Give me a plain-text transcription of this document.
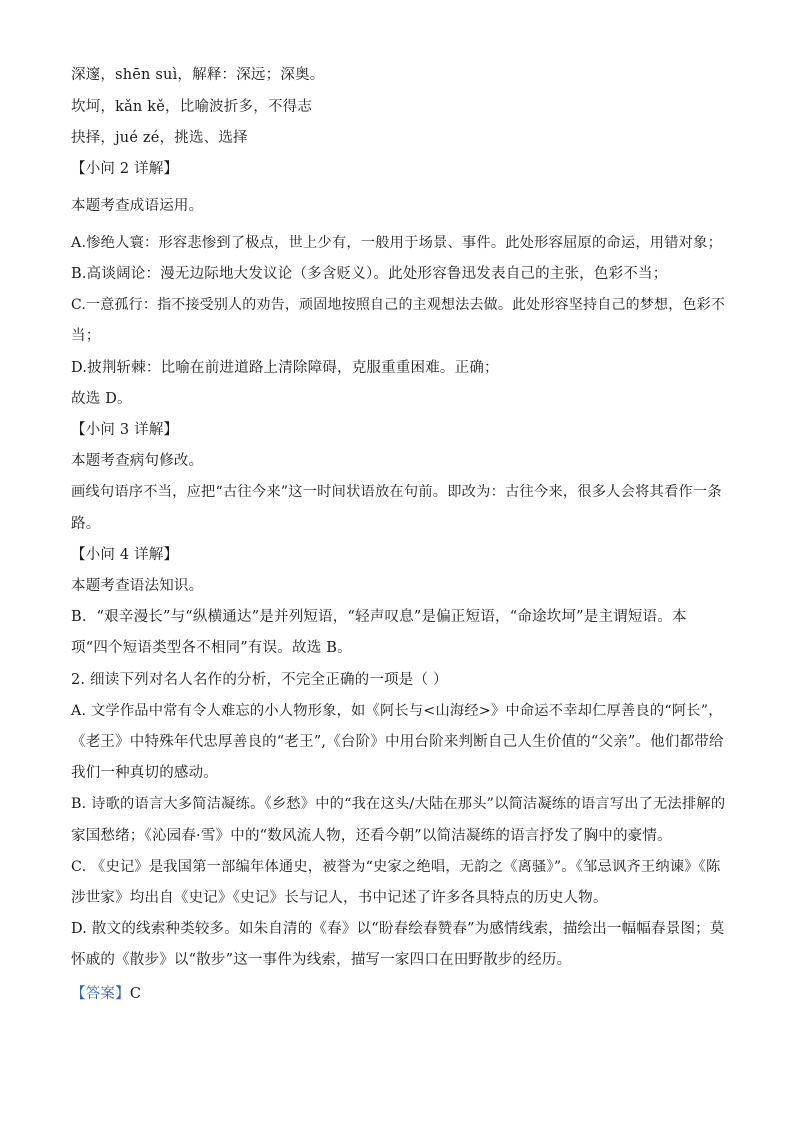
深邃，shēn suì，解释：深远；深奥。
坎坷，kǎn kě，比喻波折多，不得志
抉择，jué zé，挑选、选择
【小问 2 详解】
本题考查成语运用。
A.惨绝人寰：形容悲惨到了极点，世上少有，一般用于场景、事件。此处形容屈原的命运，用错对象；
B.高谈阔论：漫无边际地大发议论（多含贬义）。此处形容鲁迅发表自己的主张，色彩不当；
C.一意孤行：指不接受别人的劝告，顽固地按照自己的主观想法去做。此处形容坚持自己的梦想，色彩不
当；
D.披荆斩棘：比喻在前进道路上清除障碍，克服重重困难。正确；
故选 D。
【小问 3 详解】
本题考查病句修改。
画线句语序不当，应把“古往今来”这一时间状语放在句前。即改为：古往今来，很多人会将其看作一条
路。
【小问 4 详解】
本题考查语法知识。
B．“艰辛漫长”与“纵横通达”是并列短语，“轻声叹息”是偏正短语，“命途坎坷”是主谓短语。本
项“四个短语类型各不相同”有误。故选 B。
2. 细读下列对名人名作的分析，不完全正确的一项是（ ）
A. 文学作品中常有令人难忘的小人物形象，如《阿长与<山海经>》中命运不幸却仁厚善良的“阿长”，
《老王》中特殊年代忠厚善良的“老王”,《台阶》中用台阶来判断自己人生价值的“父亲”。他们都带给
我们一种真切的感动。
B. 诗歌的语言大多简洁凝练。《乡愁》中的“我在这头/大陆在那头”以简洁凝练的语言写出了无法排解的
家国愁绪；《沁园春·雪》中的“数风流人物，还看今朝”以简洁凝练的语言抒发了胸中的豪情。
C. 《史记》是我国第一部编年体通史，被誉为“史家之绝唱，无韵之《离骚》”。《邹忌讽齐王纳谏》《陈
涉世家》均出自《史记》《史记》长与记人，书中记述了许多各具特点的历史人物。
D. 散文的线索种类较多。如朱自清的《春》以“盼春绘春赞春”为感情线索，描绘出一幅幅春景图；莫
怀戚的《散步》以“散步”这一事件为线索，描写一家四口在田野散步的经历。
【答案】C
